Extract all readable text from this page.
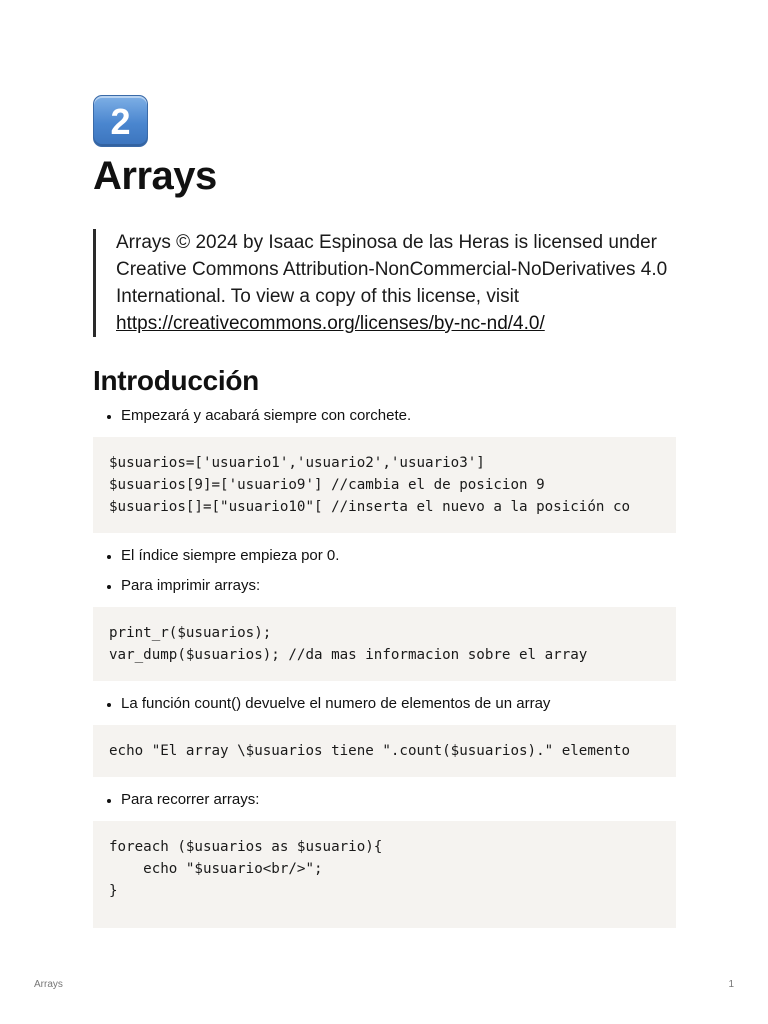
2
Arrays
Arrays © 2024 by Isaac Espinosa de las Heras is licensed under Creative Commons Attribution-NonCommercial-NoDerivatives 4.0 International. To view a copy of this license, visit https://creativecommons.org/licenses/by-nc-nd/4.0/
Introducción
• Empezará y acabará siempre con corchete.
$usuarios=['usuario1','usuario2','usuario3']
$usuarios[9]=['usuario9'] //cambia el de posicion 9
$usuarios[]=["usuario10"[ //inserta el nuevo a la posición co
• El índice siempre empieza por 0.
• Para imprimir arrays:
print_r($usuarios);
var_dump($usuarios); //da mas informacion sobre el array
• La función count() devuelve el numero de elementos de un array
echo "El array \$usuarios tiene ".count($usuarios)." elemento
• Para recorrer arrays:
foreach ($usuarios as $usuario){
echo "$usuario<br/>";
}
Arrays	1
